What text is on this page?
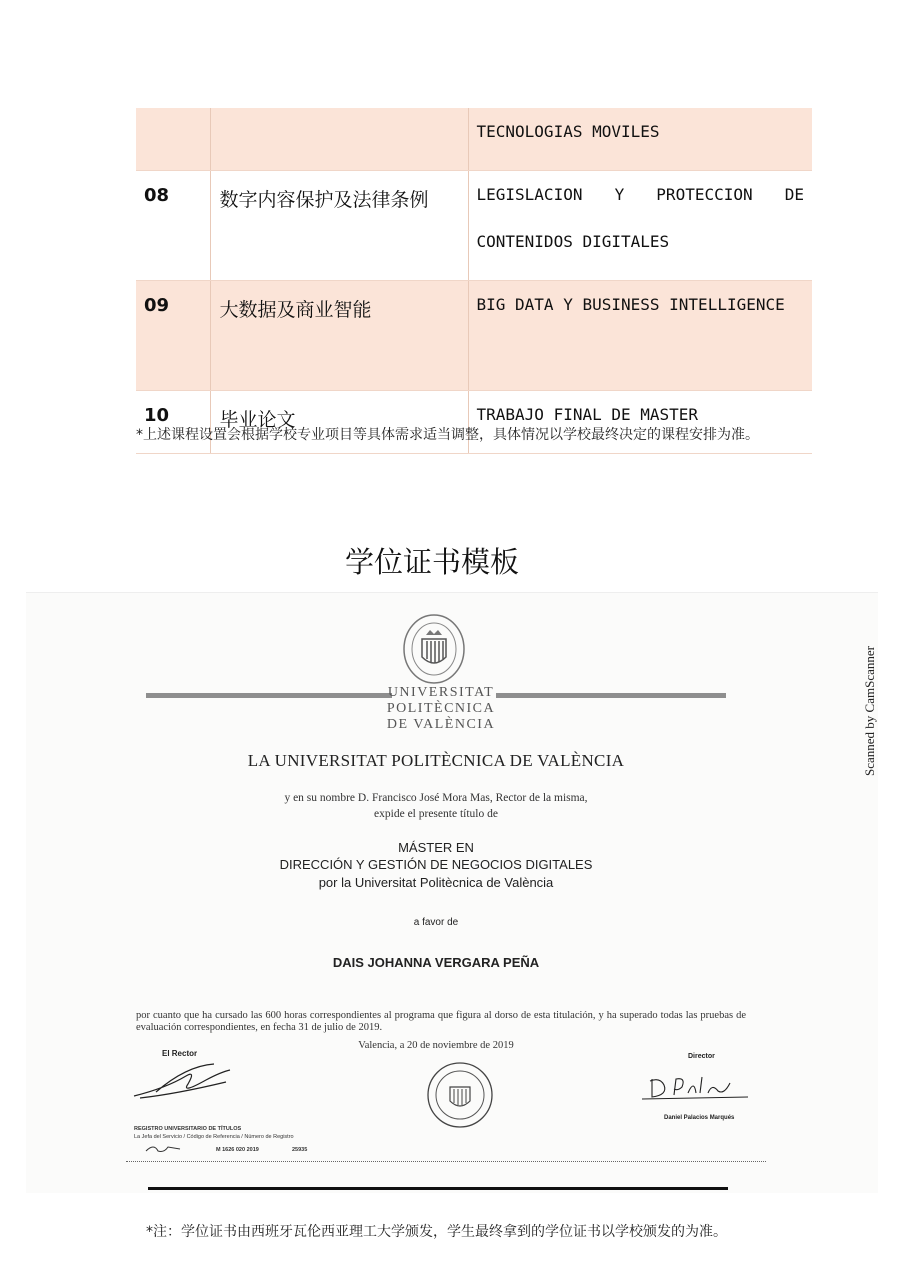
		TECNOLOGIAS MOVILES
08	数字内容保护及法律条例	LEGISLACION Y PROTECCION DE CONTENIDOS DIGITALES
09	大数据及商业智能	BIG DATA Y BUSINESS INTELLIGENCE
10	毕业论文	TRABAJO FINAL DE MASTER
*上述课程设置会根据学校专业项目等具体需求适当调整，具体情况以学校最终决定的课程安排为准。
学位证书模板
UNIVERSITAT
POLITÈCNICA
DE VALÈNCIA
LA UNIVERSITAT POLITÈCNICA DE VALÈNCIA
y en su nombre D. Francisco José Mora Mas, Rector de la misma,
expide el presente título de
MÁSTER EN
DIRECCIÓN Y GESTIÓN DE NEGOCIOS DIGITALES
por la Universitat Politècnica de València
a favor de
DAIS JOHANNA VERGARA PEÑA
por cuanto que ha cursado las 600 horas correspondientes al programa que figura al dorso de esta titulación, y ha superado todas las pruebas de evaluación correspondientes, en fecha 31 de julio de 2019.
Valencia, a 20 de noviembre de 2019
El Rector	Director
Daniel Palacios Marqués
REGISTRO UNIVERSITARIO DE TÍTULOS
La Jefa del Servicio / Código de Referencia / Número de Registro
M 1626 020 2019	25935
Scanned by CamScanner
*注：学位证书由西班牙瓦伦西亚理工大学颁发，学生最终拿到的学位证书以学校颁发的为准。
